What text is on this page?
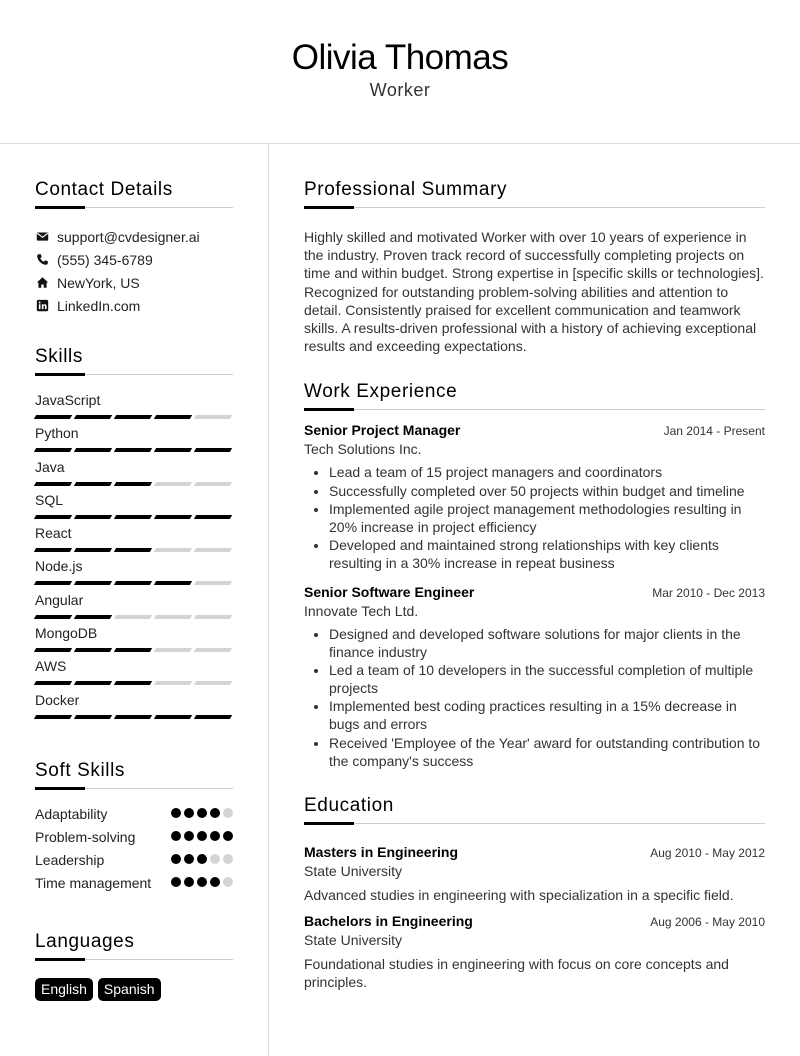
Olivia Thomas
Worker
Contact Details
support@cvdesigner.ai
(555) 345-6789
NewYork, US
LinkedIn.com
Skills
JavaScript
Python
Java
SQL
React
Node.js
Angular
MongoDB
AWS
Docker
Soft Skills
Adaptability
Problem-solving
Leadership
Time management
Languages
English	Spanish
Professional Summary
Highly skilled and motivated Worker with over 10 years of experience in the industry. Proven track record of successfully completing projects on time and within budget. Strong expertise in [specific skills or technologies]. Recognized for outstanding problem-solving abilities and attention to detail. Consistently praised for excellent communication and teamwork skills. A results-driven professional with a history of achieving exceptional results and exceeding expectations.
Work Experience
Senior Project Manager	Jan 2014 - Present
Tech Solutions Inc.
• Lead a team of 15 project managers and coordinators
• Successfully completed over 50 projects within budget and timeline
• Implemented agile project management methodologies resulting in 20% increase in project efficiency
• Developed and maintained strong relationships with key clients resulting in a 30% increase in repeat business
Senior Software Engineer	Mar 2010 - Dec 2013
Innovate Tech Ltd.
• Designed and developed software solutions for major clients in the finance industry
• Led a team of 10 developers in the successful completion of multiple projects
• Implemented best coding practices resulting in a 15% decrease in bugs and errors
• Received 'Employee of the Year' award for outstanding contribution to the company's success
Education
Masters in Engineering	Aug 2010 - May 2012
State University
Advanced studies in engineering with specialization in a specific field.
Bachelors in Engineering	Aug 2006 - May 2010
State University
Foundational studies in engineering with focus on core concepts and principles.
